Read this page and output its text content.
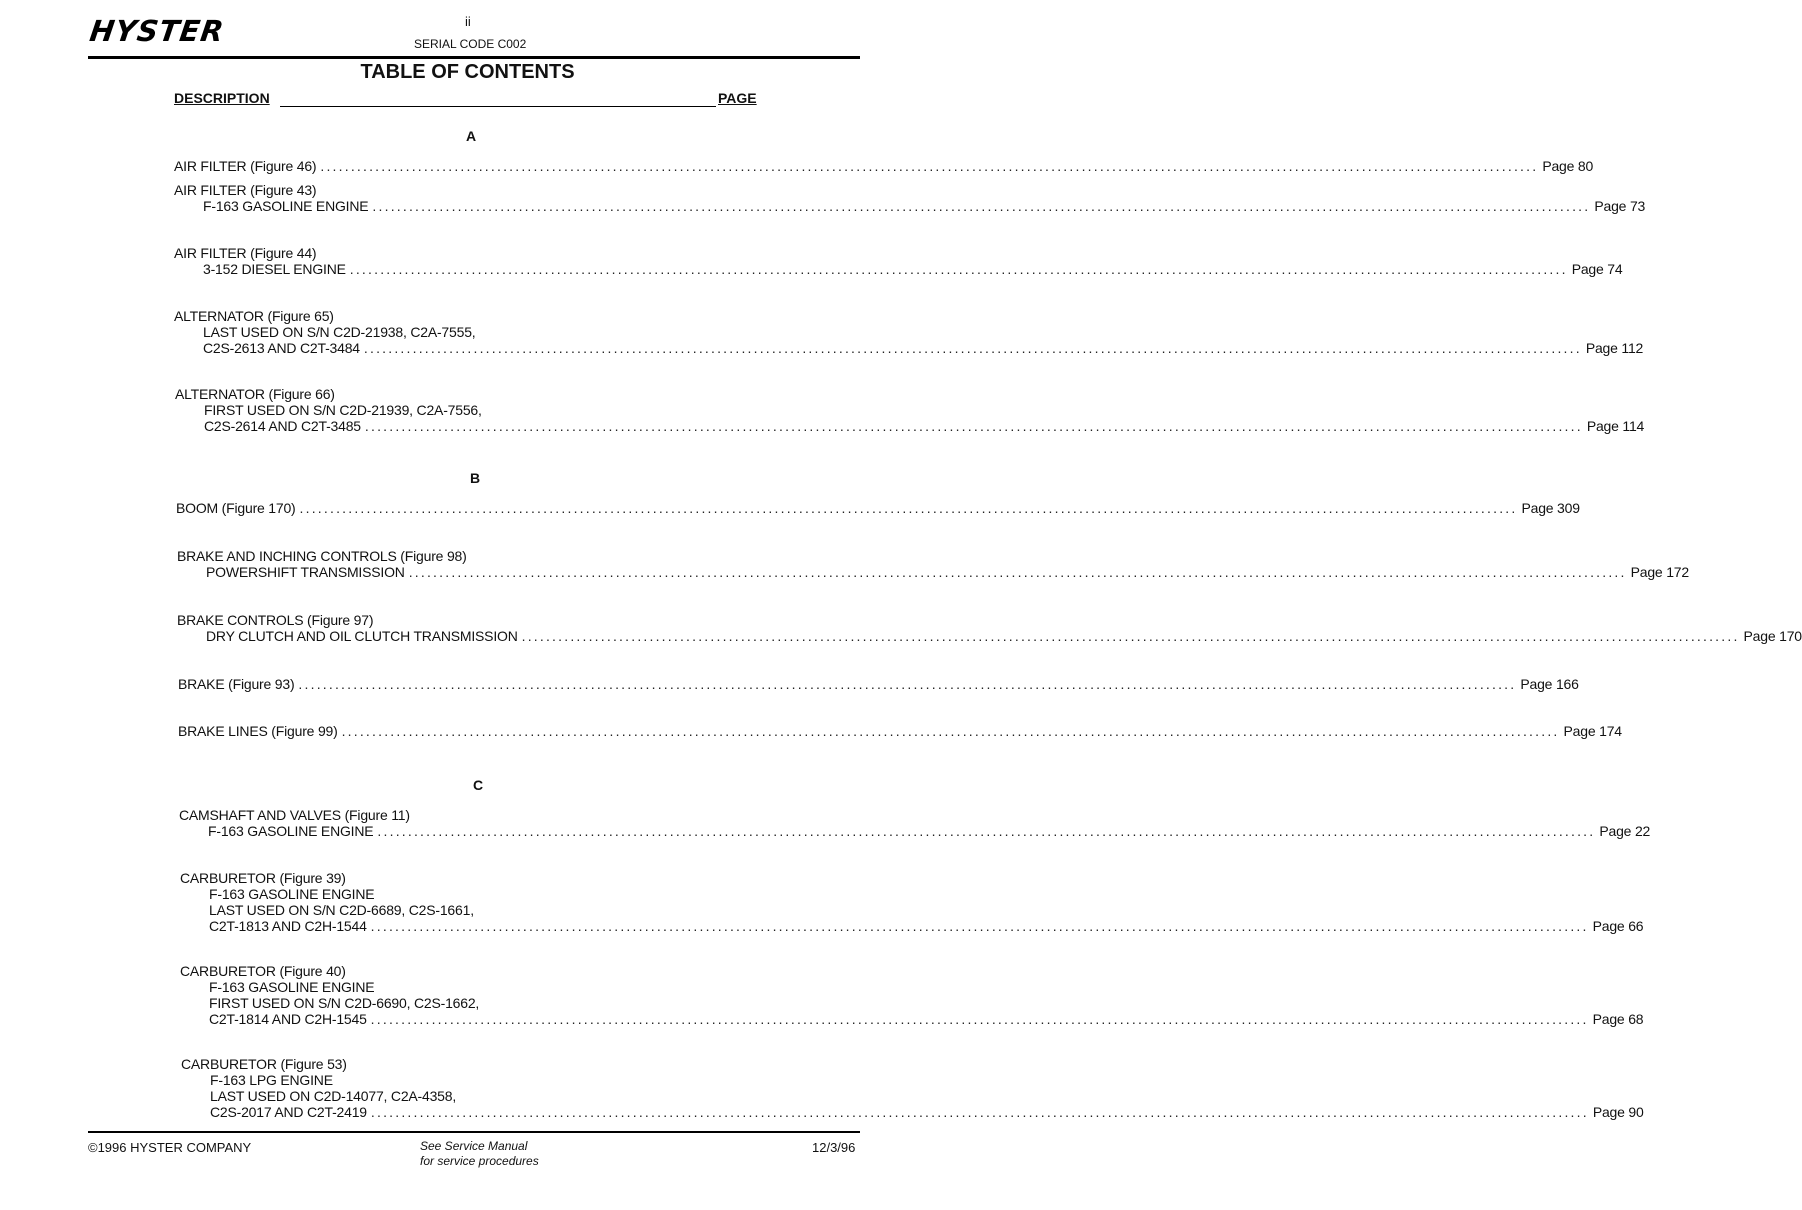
HYSTER	ii
SERIAL CODE C002
TABLE OF CONTENTS
DESCRIPTION	PAGE
A
AIR FILTER (Figure 46) ........................................................................................................................................................................................................ Page 80
AIR FILTER (Figure 43)
F-163 GASOLINE ENGINE ........................................................................................................................................................................................................ Page 73
AIR FILTER (Figure 44)
3-152 DIESEL ENGINE ........................................................................................................................................................................................................ Page 74
ALTERNATOR (Figure 65)
LAST USED ON S/N C2D-21938, C2A-7555,
C2S-2613 AND C2T-3484 ........................................................................................................................................................................................................ Page 112
ALTERNATOR (Figure 66)
FIRST USED ON S/N C2D-21939, C2A-7556,
C2S-2614 AND C2T-3485 ........................................................................................................................................................................................................ Page 114
B
BOOM (Figure 170) ........................................................................................................................................................................................................ Page 309
BRAKE AND INCHING CONTROLS (Figure 98)
POWERSHIFT TRANSMISSION ........................................................................................................................................................................................................ Page 172
BRAKE CONTROLS (Figure 97)
DRY CLUTCH AND OIL CLUTCH TRANSMISSION ........................................................................................................................................................................................................ Page 170
BRAKE (Figure 93) ........................................................................................................................................................................................................ Page 166
BRAKE LINES (Figure 99) ........................................................................................................................................................................................................ Page 174
C
CAMSHAFT AND VALVES (Figure 11)
F-163 GASOLINE ENGINE ........................................................................................................................................................................................................ Page 22
CARBURETOR (Figure 39)
F-163 GASOLINE ENGINE
LAST USED ON S/N C2D-6689, C2S-1661,
C2T-1813 AND C2H-1544 ........................................................................................................................................................................................................ Page 66
CARBURETOR (Figure 40)
F-163 GASOLINE ENGINE
FIRST USED ON S/N C2D-6690, C2S-1662,
C2T-1814 AND C2H-1545 ........................................................................................................................................................................................................ Page 68
CARBURETOR (Figure 53)
F-163 LPG ENGINE
LAST USED ON C2D-14077, C2A-4358,
C2S-2017 AND C2T-2419 ........................................................................................................................................................................................................ Page 90
©1996 HYSTER COMPANY	See Service Manual
for service procedures
12/3/96
